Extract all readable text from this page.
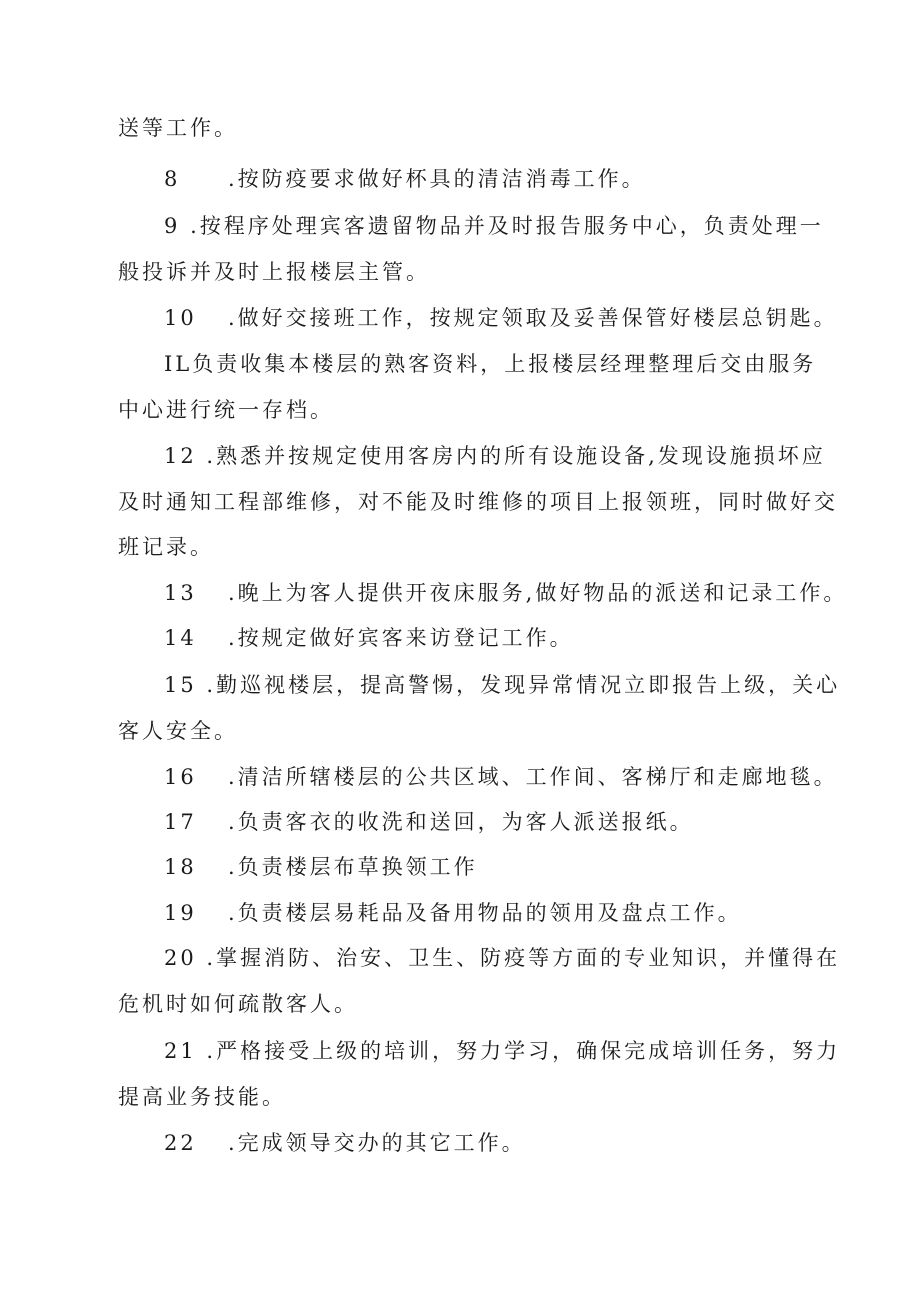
送等工作。

8 .按防疫要求做好杯具的清洁消毒工作。

9 .按程序处理宾客遗留物品并及时报告服务中心，负责处理一

般投诉并及时上报楼层主管。

10 .做好交接班工作，按规定领取及妥善保管好楼层总钥匙。

IL负责收集本楼层的熟客资料，上报楼层经理整理后交由服务

中心进行统一存档。

12 .熟悉并按规定使用客房内的所有设施设备,发现设施损坏应

及时通知工程部维修，对不能及时维修的项目上报领班，同时做好交

班记录。

13 .晚上为客人提供开夜床服务,做好物品的派送和记录工作。

14 .按规定做好宾客来访登记工作。

15 .勤巡视楼层，提高警惕，发现异常情况立即报告上级，关心

客人安全。

16 .清洁所辖楼层的公共区域、工作间、客梯厅和走廊地毯。

17 .负责客衣的收洗和送回，为客人派送报纸。

18 .负责楼层布草换领工作

19 .负责楼层易耗品及备用物品的领用及盘点工作。

20 .掌握消防、治安、卫生、防疫等方面的专业知识，并懂得在

危机时如何疏散客人。

21 .严格接受上级的培训，努力学习，确保完成培训任务，努力

提高业务技能。

22 .完成领导交办的其它工作。
